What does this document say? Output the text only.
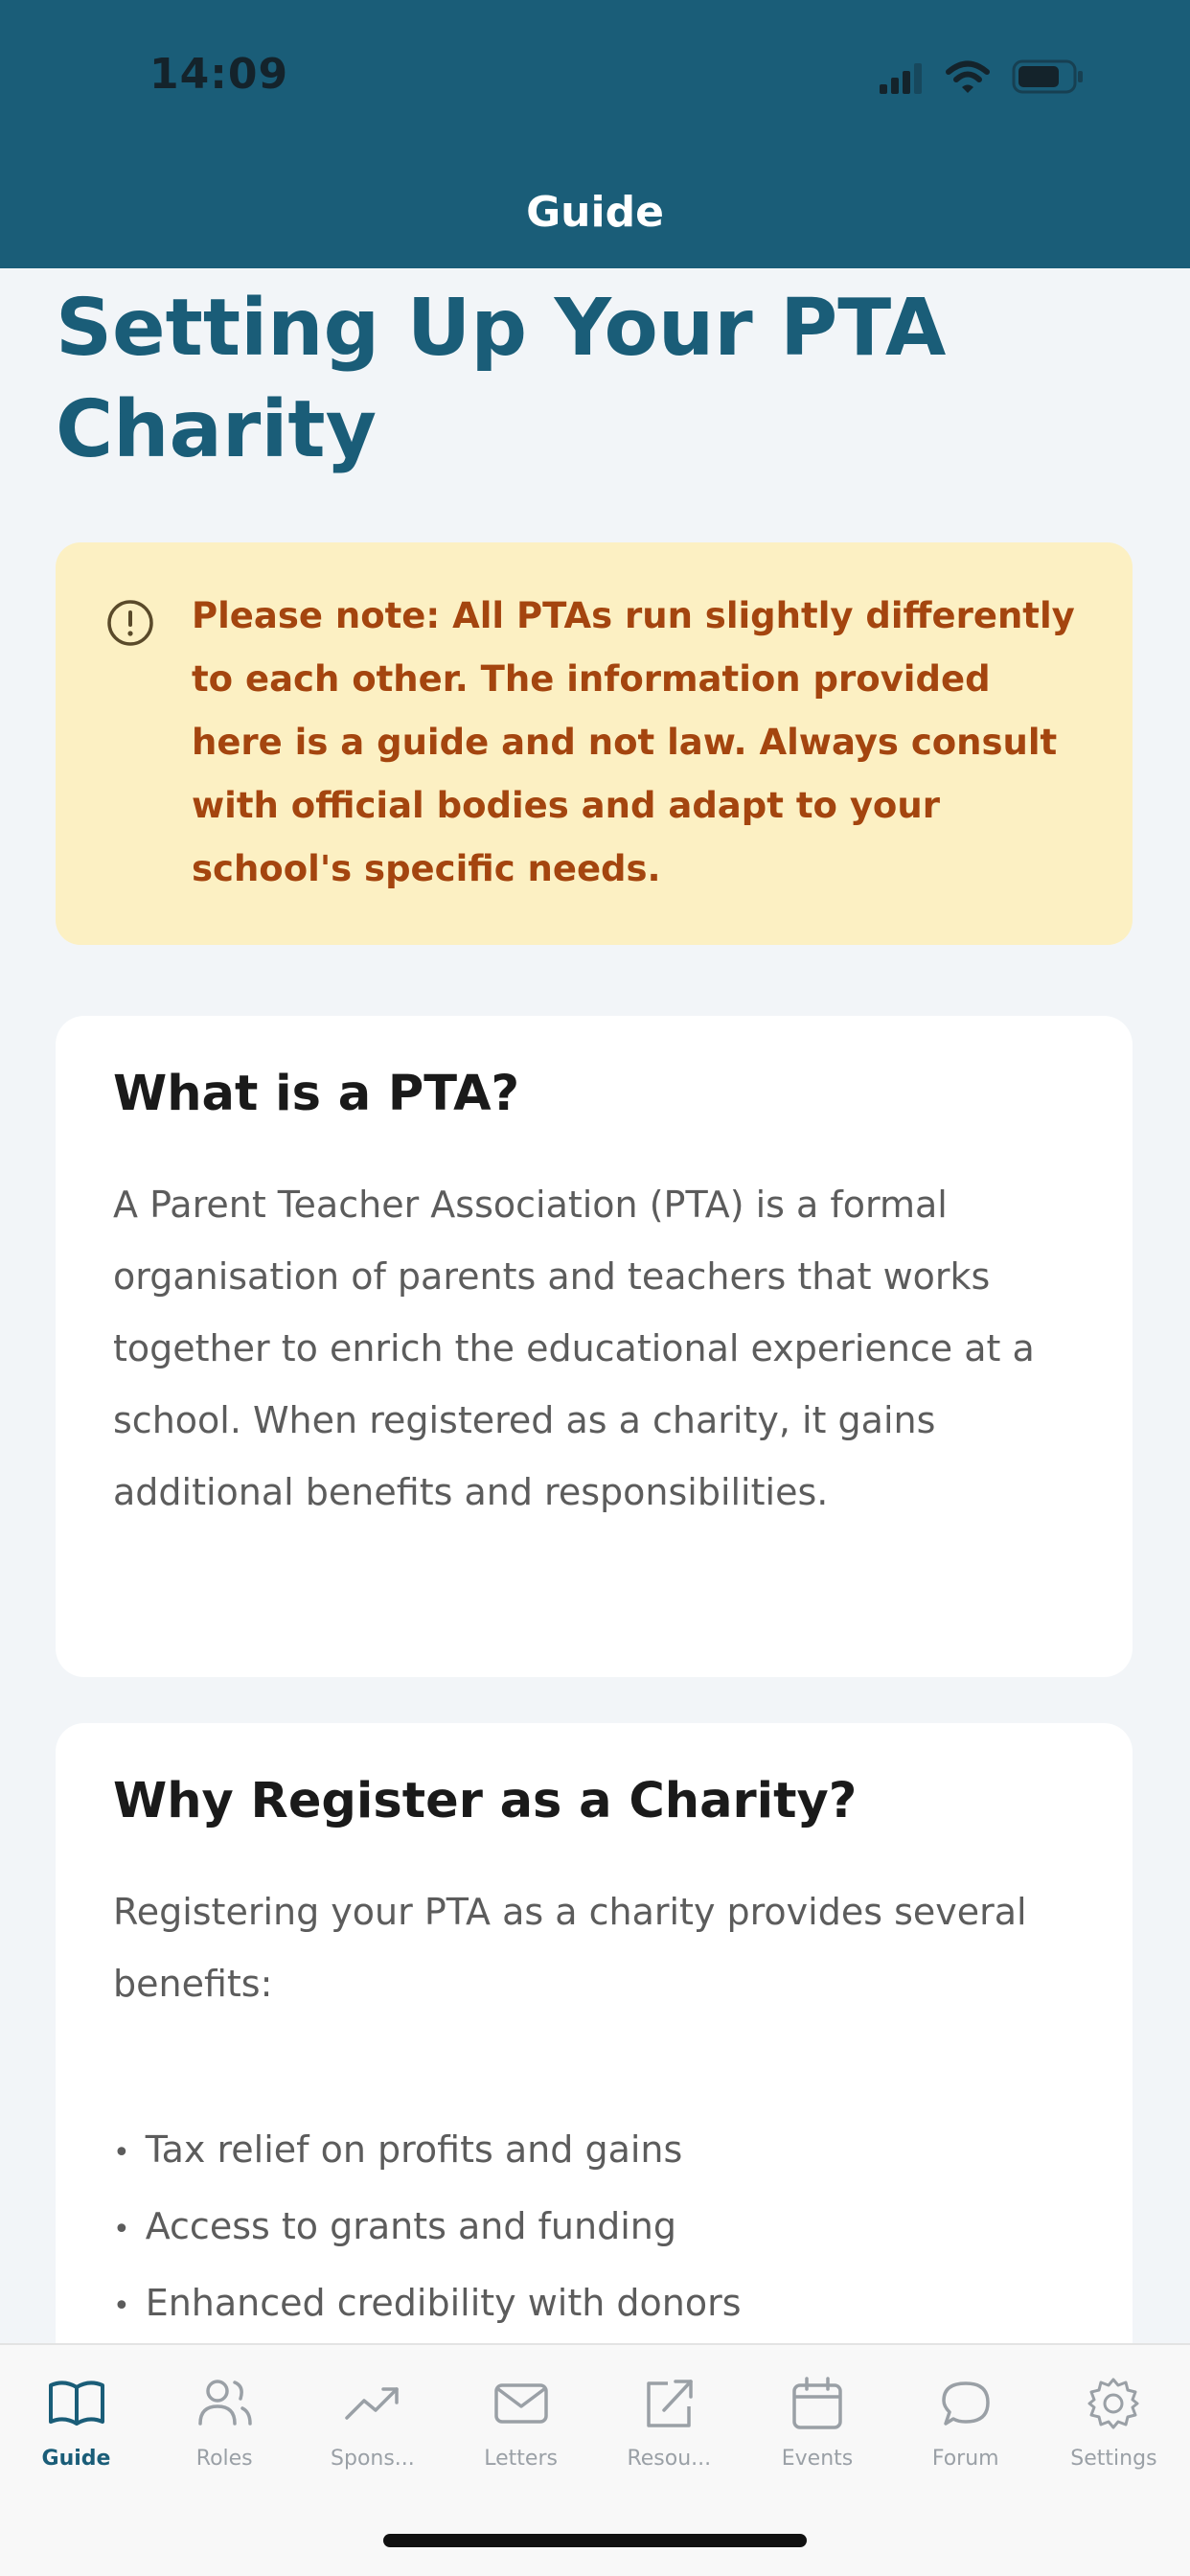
14:09
Guide
Setting Up Your PTA Charity

Please note: All PTAs run slightly differently to each other. The information provided here is a guide and not law. Always consult with official bodies and adapt to your school's specific needs.

What is a PTA?

A Parent Teacher Association (PTA) is a formal organisation of parents and teachers that works together to enrich the educational experience at a school. When registered as a charity, it gains additional benefits and responsibilities.

Why Register as a Charity?

Registering your PTA as a charity provides several benefits:

• Tax relief on profits and gains
• Access to grants and funding
• Enhanced credibility with donors
Guide	Roles	Spons...	Letters	Resou...	Events	Forum	Settings
